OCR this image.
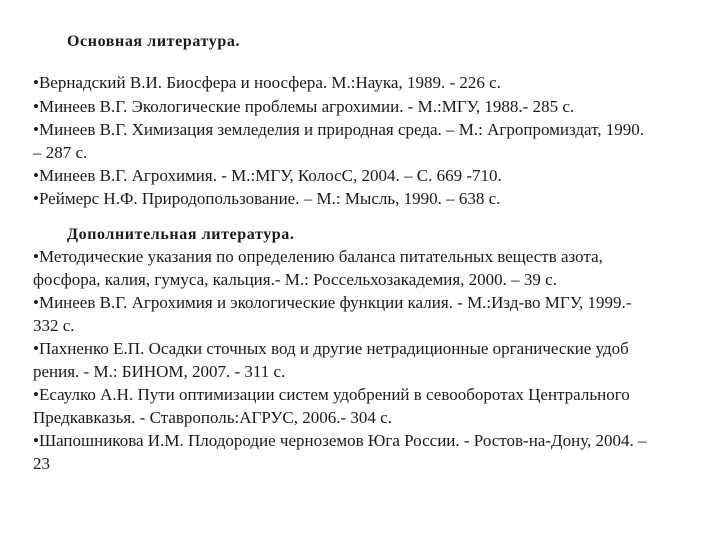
Основная литература.
•Вернадский В.И. Биосфера и ноосфера. М.:Наука, 1989. - 226 с.
•Минеев В.Г. Экологические проблемы агрохимии. - М.:МГУ, 1988.- 285 с.
•Минеев В.Г. Химизация земледелия и природная среда. – М.: Агропромиздат, 1990.
– 287 с.
•Минеев В.Г. Агрохимия. - М.:МГУ, КолосС, 2004. – С. 669 -710.
•Реймерс Н.Ф. Природопользование. – М.: Мысль, 1990. – 638 с.
Дополнительная литература.
•Методические указания по определению баланса питательных веществ азота,
фосфора, калия, гумуса, кальция.- М.: Россельхозакадемия, 2000. – 39 с.
•Минеев В.Г. Агрохимия и экологические функции калия. - М.:Изд-во МГУ, 1999.-
332 с.
•Пахненко Е.П. Осадки сточных вод и другие нетрадиционные органические удоб
рения. - М.: БИНОМ, 2007. - 311 с.
•Есаулко А.Н. Пути оптимизации систем удобрений в севооборотах Центрального
Предкавказья. - Ставрополь:АГРУС, 2006.- 304 с.
•Шапошникова И.М. Плодородие черноземов Юга России. - Ростов-на-Дону, 2004. –
23
